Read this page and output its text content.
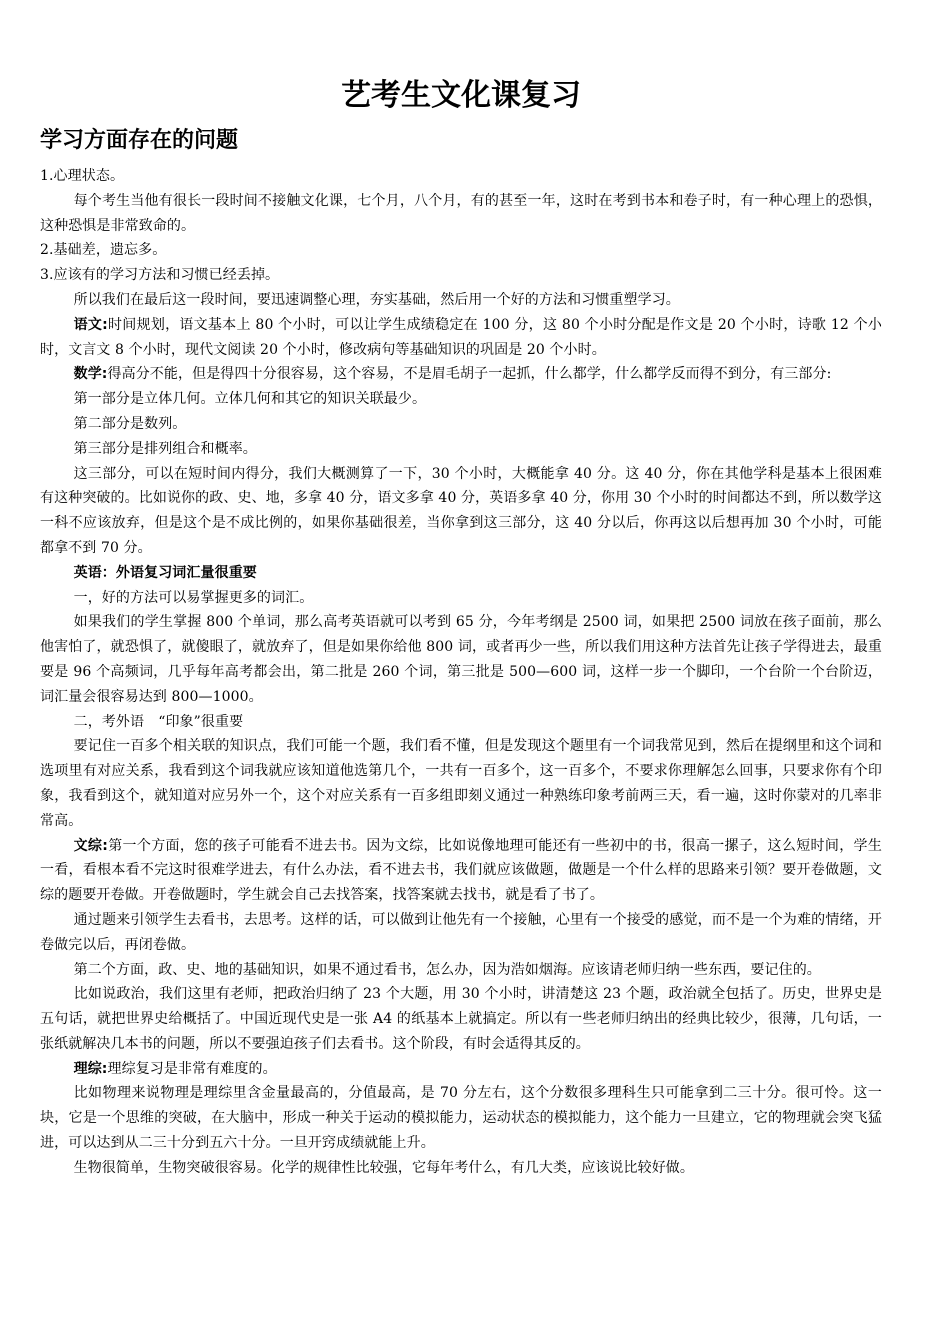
艺考生文化课复习
学习方面存在的问题

1.心理状态。

每个考生当他有很长一段时间不接触文化课，七个月，八个月，有的甚至一年，这时在考到书本和卷子时，有一种心理上的恐惧，这种恐惧是非常致命的。

2.基础差，遗忘多。

3.应该有的学习方法和习惯已经丢掉。

所以我们在最后这一段时间，要迅速调整心理，夯实基础，然后用一个好的方法和习惯重塑学习。

语文:时间规划，语文基本上 80 个小时，可以让学生成绩稳定在 100 分，这 80 个小时分配是作文是 20 个小时，诗歌 12 个小时，文言文 8 个小时，现代文阅读 20 个小时，修改病句等基础知识的巩固是 20 个小时。

数学:得高分不能，但是得四十分很容易，这个容易，不是眉毛胡子一起抓，什么都学，什么都学反而得不到分，有三部分:

第一部分是立体几何。立体几何和其它的知识关联最少。

第二部分是数列。

第三部分是排列组合和概率。

这三部分，可以在短时间内得分，我们大概测算了一下，30 个小时，大概能拿 40 分。这 40 分，你在其他学科是基本上很困难有这种突破的。比如说你的政、史、地，多拿 40 分，语文多拿 40 分，英语多拿 40 分，你用 30 个小时的时间都达不到，所以数学这一科不应该放弃，但是这个是不成比例的，如果你基础很差，当你拿到这三部分，这 40 分以后，你再这以后想再加 30 个小时，可能都拿不到 70 分。

英语：外语复习词汇量很重要

一，好的方法可以易掌握更多的词汇。

如果我们的学生掌握 800 个单词，那么高考英语就可以考到 65 分，今年考纲是 2500 词，如果把 2500 词放在孩子面前，那么他害怕了，就恐惧了，就傻眼了，就放弃了，但是如果你给他 800 词，或者再少一些，所以我们用这种方法首先让孩子学得进去，最重要是 96 个高频词，几乎每年高考都会出，第二批是 260 个词，第三批是 500—600 词，这样一步一个脚印，一个台阶一个台阶迈，词汇量会很容易达到 800—1000。

二，考外语　“印象”很重要

要记住一百多个相关联的知识点，我们可能一个题，我们看不懂，但是发现这个题里有一个词我常见到，然后在提纲里和这个词和选项里有对应关系，我看到这个词我就应该知道他选第几个，一共有一百多个，这一百多个，不要求你理解怎么回事，只要求你有个印象，我看到这个，就知道对应另外一个，这个对应关系有一百多组即刻义通过一种熟练印象考前两三天，看一遍，这时你蒙对的几率非常高。

文综:第一个方面，您的孩子可能看不进去书。因为文综，比如说像地理可能还有一些初中的书，很高一摞子，这么短时间，学生一看，看根本看不完这时很难学进去，有什么办法，看不进去书，我们就应该做题，做题是一个什么样的思路来引领？要开卷做题，文综的题要开卷做。开卷做题时，学生就会自己去找答案，找答案就去找书，就是看了书了。

通过题来引领学生去看书，去思考。这样的话，可以做到让他先有一个接触，心里有一个接受的感觉，而不是一个为难的情绪，开卷做完以后，再闭卷做。

第二个方面，政、史、地的基础知识，如果不通过看书，怎么办，因为浩如烟海。应该请老师归纳一些东西，要记住的。

比如说政治，我们这里有老师，把政治归纳了 23 个大题，用 30 个小时，讲清楚这 23 个题，政治就全包括了。历史，世界史是五句话，就把世界史给概括了。中国近现代史是一张 A4 的纸基本上就搞定。所以有一些老师归纳出的经典比较少，很薄，几句话，一张纸就解决几本书的问题，所以不要强迫孩子们去看书。这个阶段，有时会适得其反的。

理综:理综复习是非常有难度的。

比如物理来说物理是理综里含金量最高的，分值最高，是 70 分左右，这个分数很多理科生只可能拿到二三十分。很可怜。这一块，它是一个思维的突破，在大脑中，形成一种关于运动的模拟能力，运动状态的模拟能力，这个能力一旦建立，它的物理就会突飞猛进，可以达到从二三十分到五六十分。一旦开窍成绩就能上升。

生物很简单，生物突破很容易。化学的规律性比较强，它每年考什么，有几大类，应该说比较好做。
